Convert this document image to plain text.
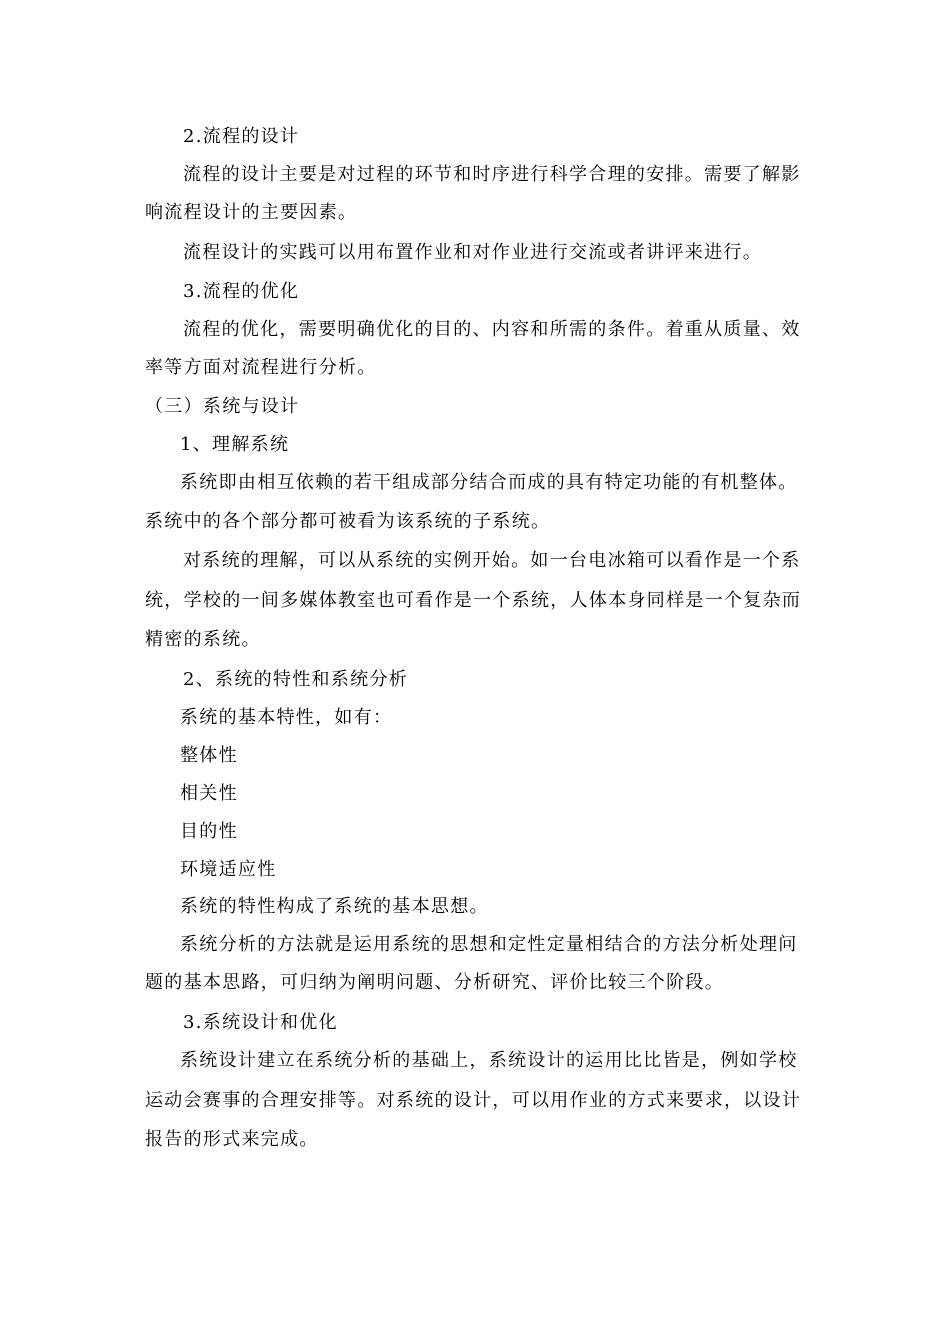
2.流程的设计
流程的设计主要是对过程的环节和时序进行科学合理的安排。需要了解影
响流程设计的主要因素。
流程设计的实践可以用布置作业和对作业进行交流或者讲评来进行。
3.流程的优化
流程的优化，需要明确优化的目的、内容和所需的条件。着重从质量、效
率等方面对流程进行分析。
（三）系统与设计
1、理解系统
系统即由相互依赖的若干组成部分结合而成的具有特定功能的有机整体。
系统中的各个部分都可被看为该系统的子系统。
对系统的理解，可以从系统的实例开始。如一台电冰箱可以看作是一个系
统，学校的一间多媒体教室也可看作是一个系统，人体本身同样是一个复杂而
精密的系统。
2、系统的特性和系统分析
系统的基本特性，如有：
整体性
相关性
目的性
环境适应性
系统的特性构成了系统的基本思想。
系统分析的方法就是运用系统的思想和定性定量相结合的方法分析处理问
题的基本思路，可归纳为阐明问题、分析研究、评价比较三个阶段。
3.系统设计和优化
系统设计建立在系统分析的基础上，系统设计的运用比比皆是，例如学校
运动会赛事的合理安排等。对系统的设计，可以用作业的方式来要求，以设计
报告的形式来完成。
